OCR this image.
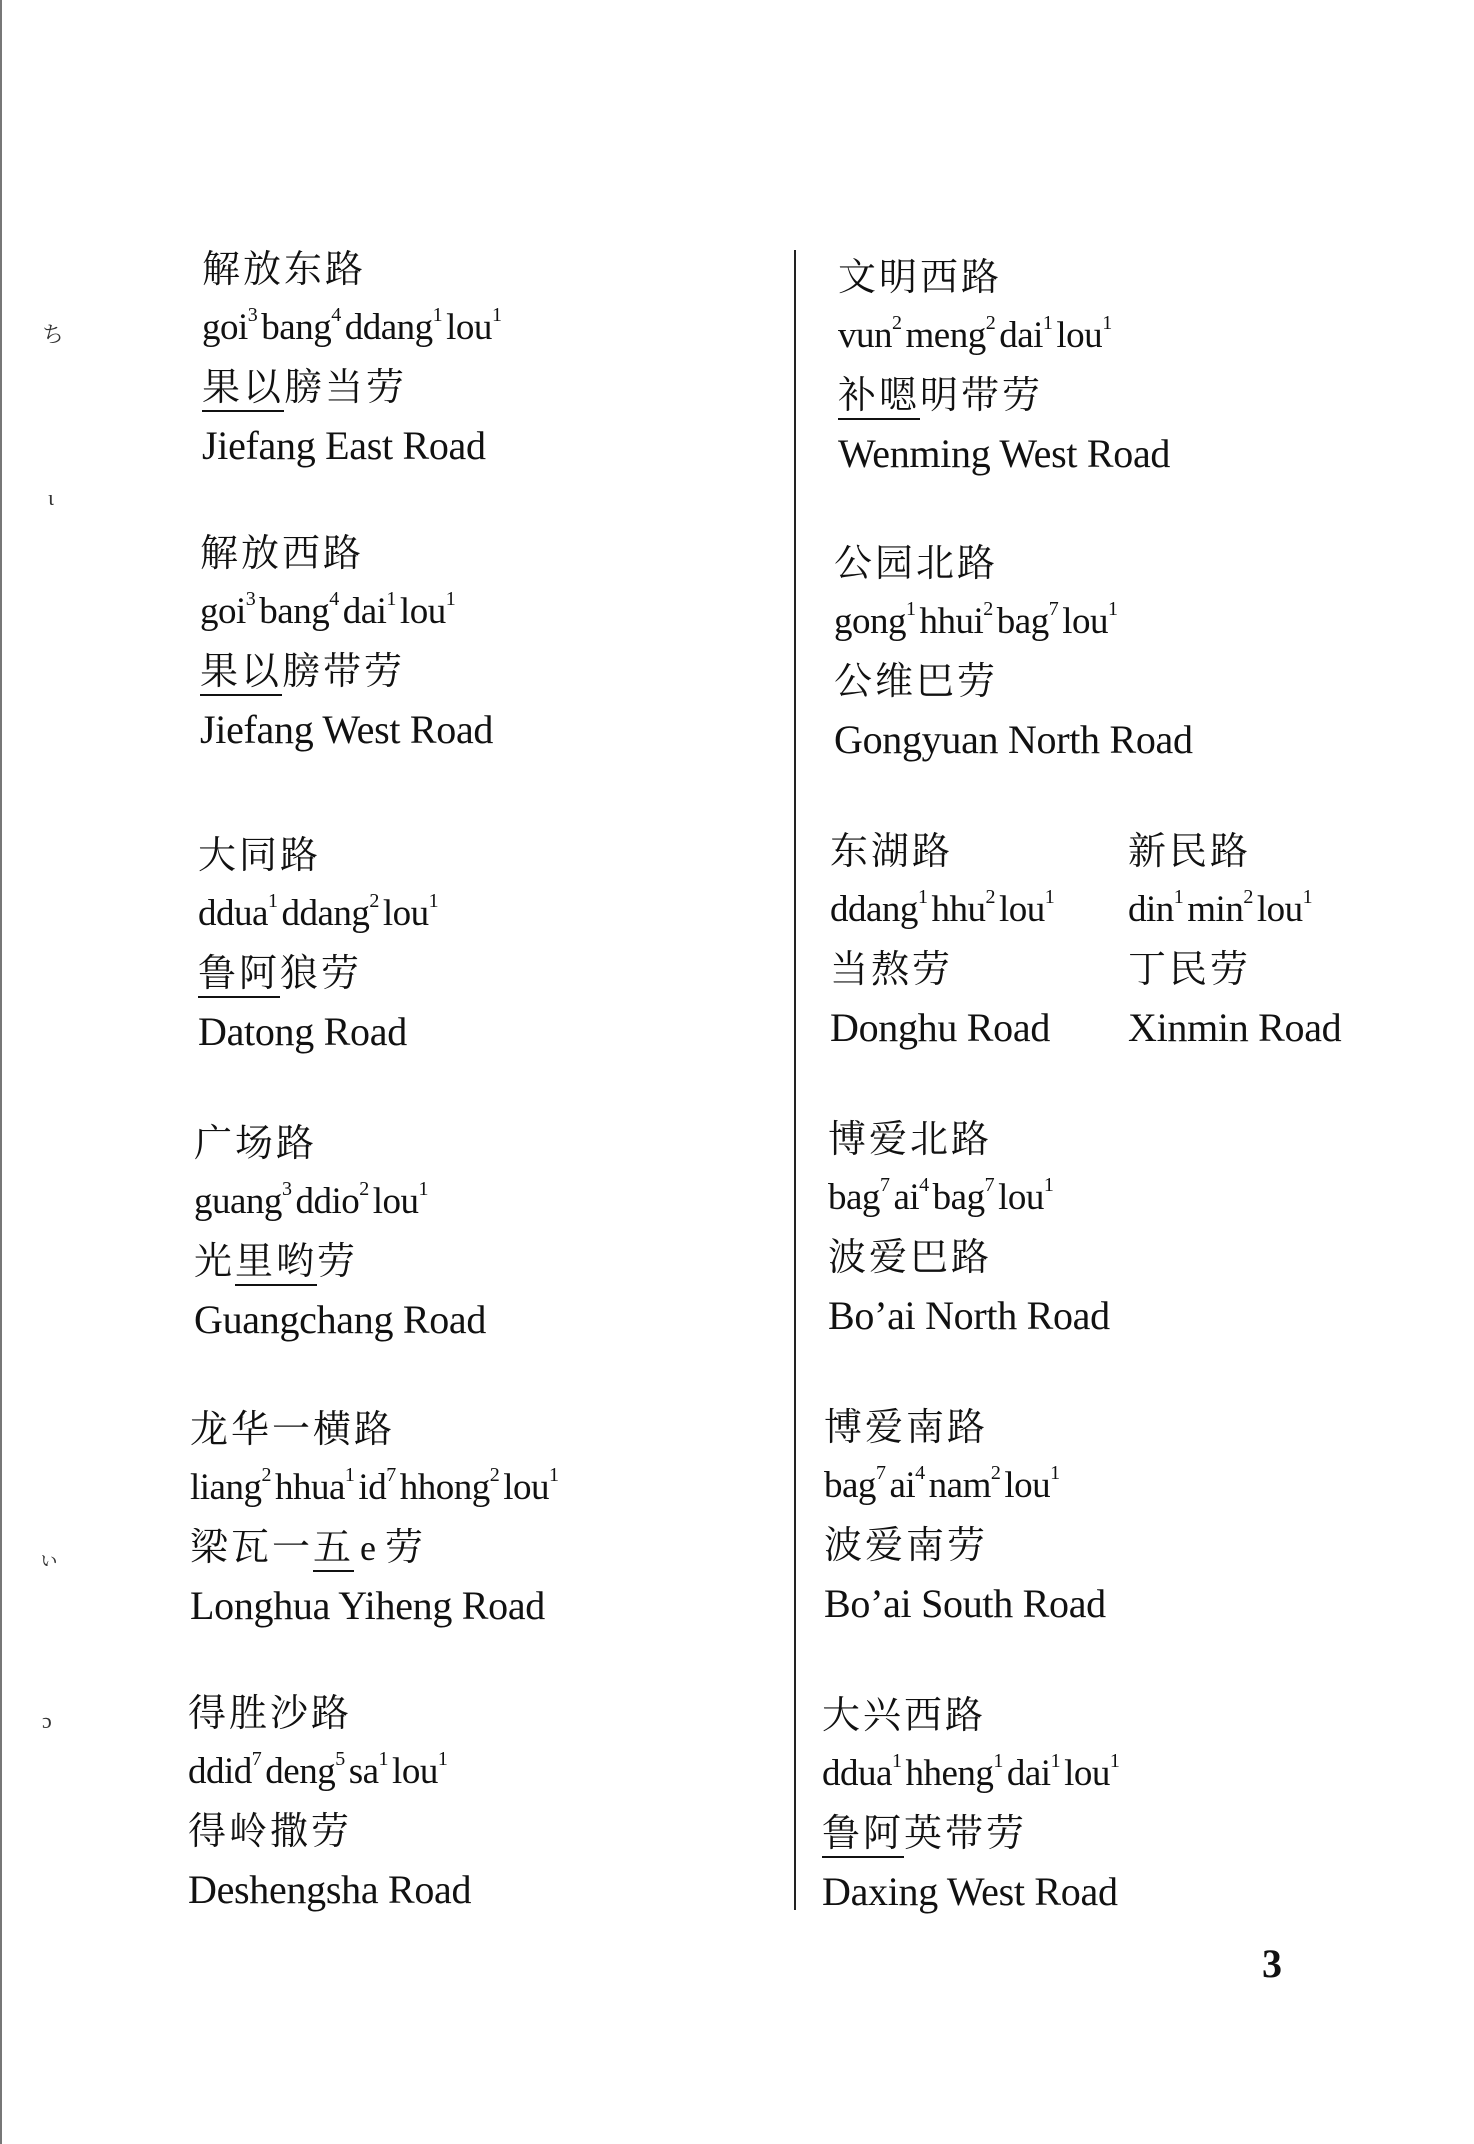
ち
ι
ぃ
ɔ
解放东路
goi$^3$ bang$^4$ ddang$^1$ lou$^1$
果以膀当劳
Jiefang East Road
解放西路
goi$^3$ bang$^4$ dai$^1$ lou$^1$
果以膀带劳
Jiefang West Road
大同路
ddua$^1$ ddang$^2$ lou$^1$
鲁阿狼劳
Datong Road
广场路
guang$^3$ ddio$^2$ lou$^1$
光里哟劳
Guangchang Road
龙华一横路
liang$^2$ hhua$^1$ $id^7$ hhong$^2$ lou$^1$
梁瓦一五 e 劳
Longhua Yiheng Road
得胜沙路
ddid$^7$ deng$^5$ $sa^1$ lou$^1$
得岭撒劳
Deshengsha Road
文明西路
vun$^2$ meng$^2$ dai$^1$ lou$^1$
补嗯明带劳
Wenming West Road
公园北路
gong$^1$ hhui$^2$ bag$^7$ lou$^1$
公维巴劳
Gongyuan North Road
东湖路
ddang$^1$ hhu$^2$ lou$^1$
当熬劳
Donghu Road
新民路
din$^1$ $\min^2 lou^1$
丁民劳
Xinmin Road
博爱北路
bag$^7$ $ai^4$ bag$^7$ lou$^1$
波爱巴路
Bo’ai North Road
博爱南路
bag$^7$ $ai^4$ nam$^2$ lou$^1$
波爱南劳
Bo’ai South Road
大兴西路
ddua$^1$ hheng$^1$ dai$^1$ lou$^1$
鲁阿英带劳
Daxing West Road
3
